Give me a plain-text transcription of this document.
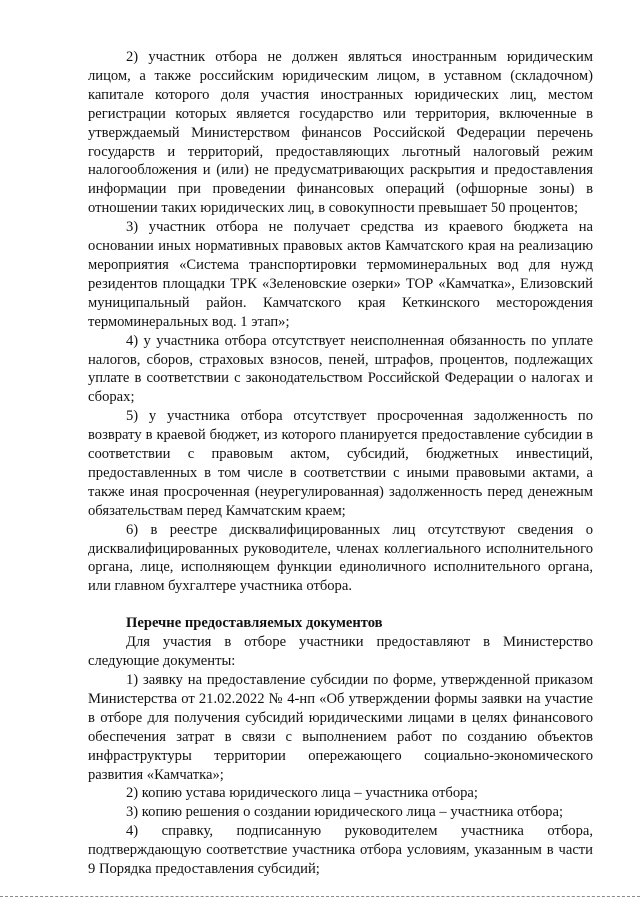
2) участник отбора не должен являться иностранным юридическим лицом, а также российским юридическим лицом, в уставном (складочном) капитале которого доля участия иностранных юридических лиц, местом регистрации которых является государство или территория, включенные в утверждаемый Министерством финансов Российской Федерации перечень государств и территорий, предоставляющих льготный налоговый режим налогообложения и (или) не предусматривающих раскрытия и предоставления информации при проведении финансовых операций (офшорные зоны) в отношении таких юридических лиц, в совокупности превышает 50 процентов;

3) участник отбора не получает средства из краевого бюджета на основании иных нормативных правовых актов Камчатского края на реализацию мероприятия «Система транспортировки термоминеральных вод для нужд резидентов площадки ТРК «Зеленовские озерки» ТОР «Камчатка», Елизовский муниципальный район. Камчатского края Кеткинского месторождения термоминеральных вод. 1 этап»;

4) у участника отбора отсутствует неисполненная обязанность по уплате налогов, сборов, страховых взносов, пеней, штрафов, процентов, подлежащих уплате в соответствии с законодательством Российской Федерации о налогах и сборах;

5) у участника отбора отсутствует просроченная задолженность по возврату в краевой бюджет, из которого планируется предоставление субсидии в соответствии с правовым актом, субсидий, бюджетных инвестиций, предоставленных в том числе в соответствии с иными правовыми актами, а также иная просроченная (неурегулированная) задолженность перед денежным обязательствам перед Камчатским краем;

6) в реестре дисквалифицированных лиц отсутствуют сведения о дисквалифицированных руководителе, членах коллегиального исполнительного органа, лице, исполняющем функции единоличного исполнительного органа, или главном бухгалтере участника отбора.

Перечне предоставляемых документов

Для участия в отборе участники предоставляют в Министерство следующие документы:

1) заявку на предоставление субсидии по форме, утвержденной приказом Министерства от 21.02.2022 № 4-нп «Об утверждении формы заявки на участие в отборе для получения субсидий юридическими лицами в целях финансового обеспечения затрат в связи с выполнением работ по созданию объектов инфраструктуры территории опережающего социально-экономического развития «Камчатка»;

2) копию устава юридического лица – участника отбора;

3) копию решения о создании юридического лица – участника отбора;

4) справку, подписанную руководителем участника отбора, подтверждающую соответствие участника отбора условиям, указанным в части 9 Порядка предоставления субсидий;
